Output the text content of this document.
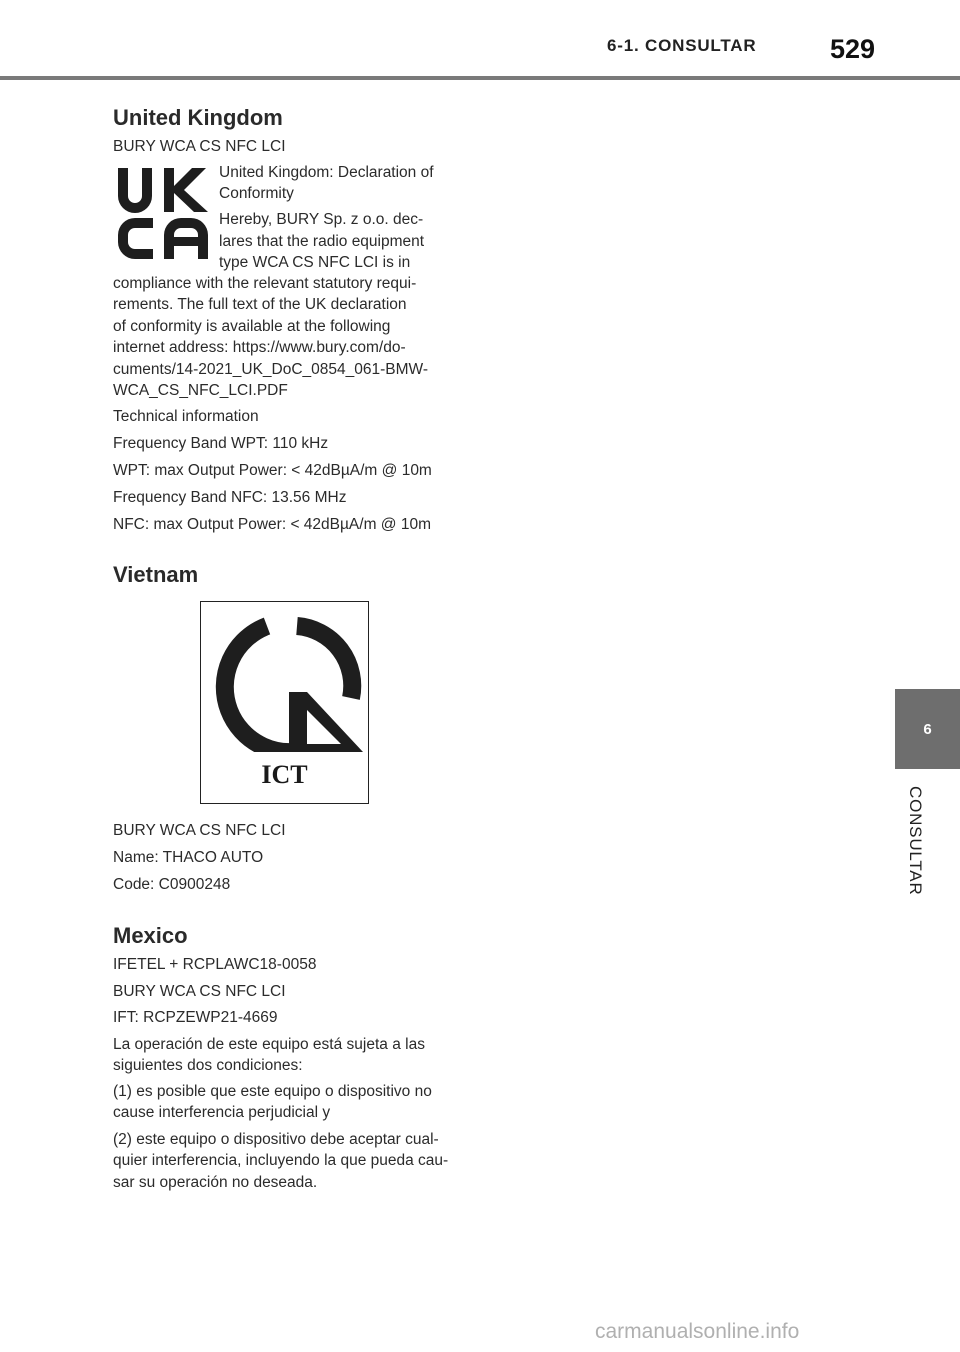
6-1. CONSULTAR	529
6
CONSULTAR
United Kingdom
BURY WCA CS NFC LCI
United Kingdom: Declaration of
Conformity
Hereby, BURY Sp. z o.o. dec-
lares that the radio equipment
type WCA CS NFC LCI is in
compliance with the relevant statutory requi-
rements. The full text of the UK declaration
of conformity is available at the following
internet address: https://www.bury.com/do-
cuments/14-2021_UK_DoC_0854_061-BMW-
WCA_CS_NFC_LCI.PDF
Technical information
Frequency Band WPT: 110 kHz
WPT: max Output Power: < 42dBµA/m @ 10m
Frequency Band NFC: 13.56 MHz
NFC: max Output Power: < 42dBµA/m @ 10m
Vietnam
ICT
BURY WCA CS NFC LCI
Name: THACO AUTO
Code: C0900248
Mexico
IFETEL + RCPLAWC18-0058
BURY WCA CS NFC LCI
IFT: RCPZEWP21-4669
La operación de este equipo está sujeta a las
siguientes dos condiciones:
(1) es posible que este equipo o dispositivo no
cause interferencia perjudicial y
(2) este equipo o dispositivo debe aceptar cual-
quier interferencia, incluyendo la que pueda cau-
sar su operación no deseada.
carmanualsonline.info
